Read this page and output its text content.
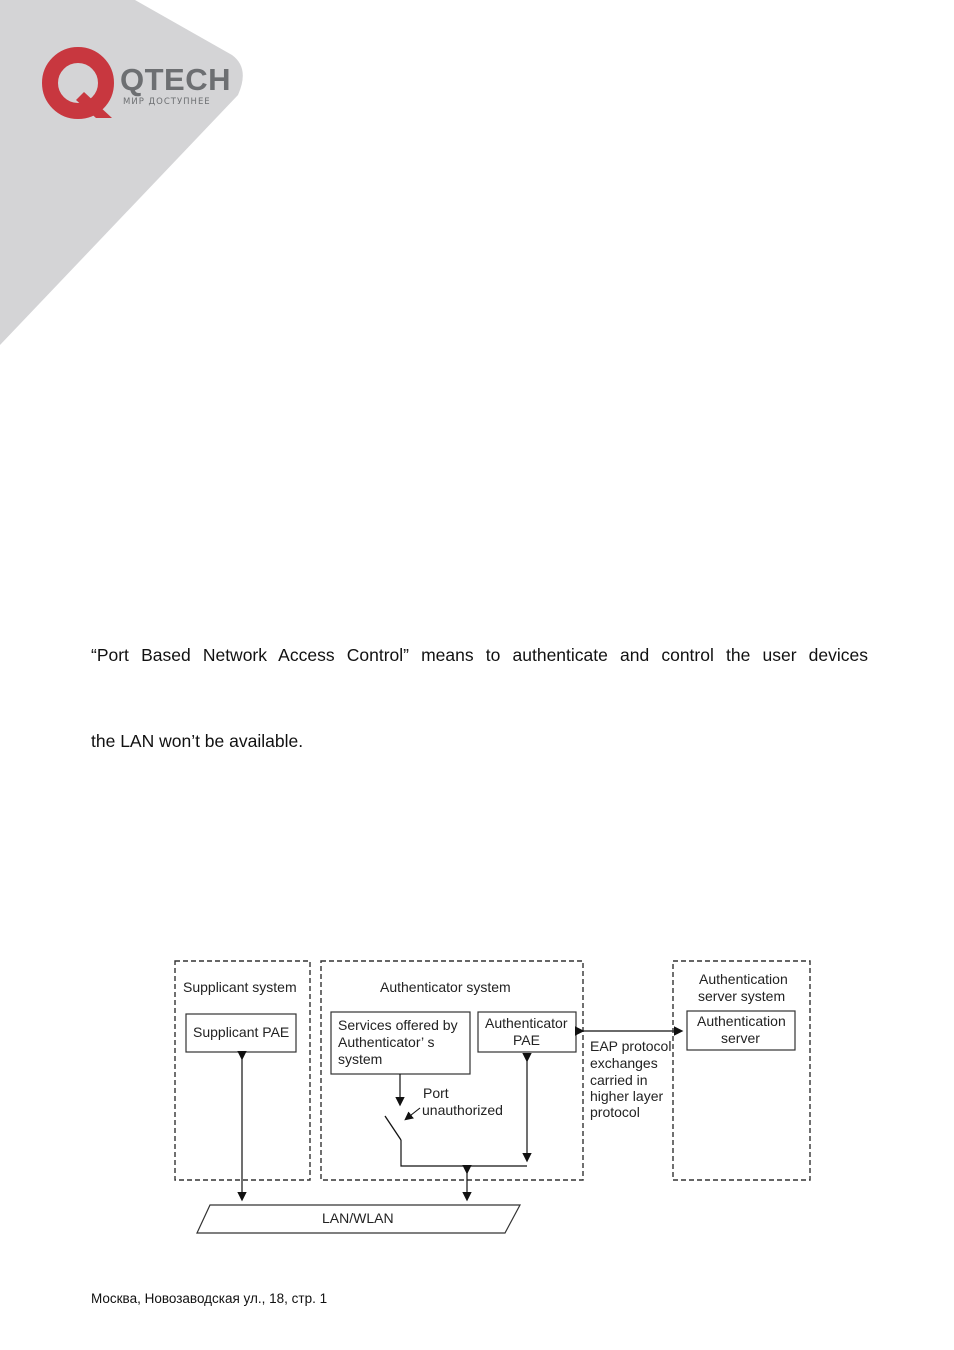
QTECH
МИР ДОСТУПНЕЕ
“Port Based Network Access Control” means to authenticate and control the user devices
the LAN won’t be available.
Supplicant system
Supplicant PAE
Authenticator system
Services offered by
Authenticator’ s
system
Authenticator
PAE
Port
unauthorized
EAP protocol
exchanges
carried in
higher layer
protocol
Authentication
server system
Authentication
server
LAN/WLAN
Москва, Новозаводская ул., 18, стр. 1
